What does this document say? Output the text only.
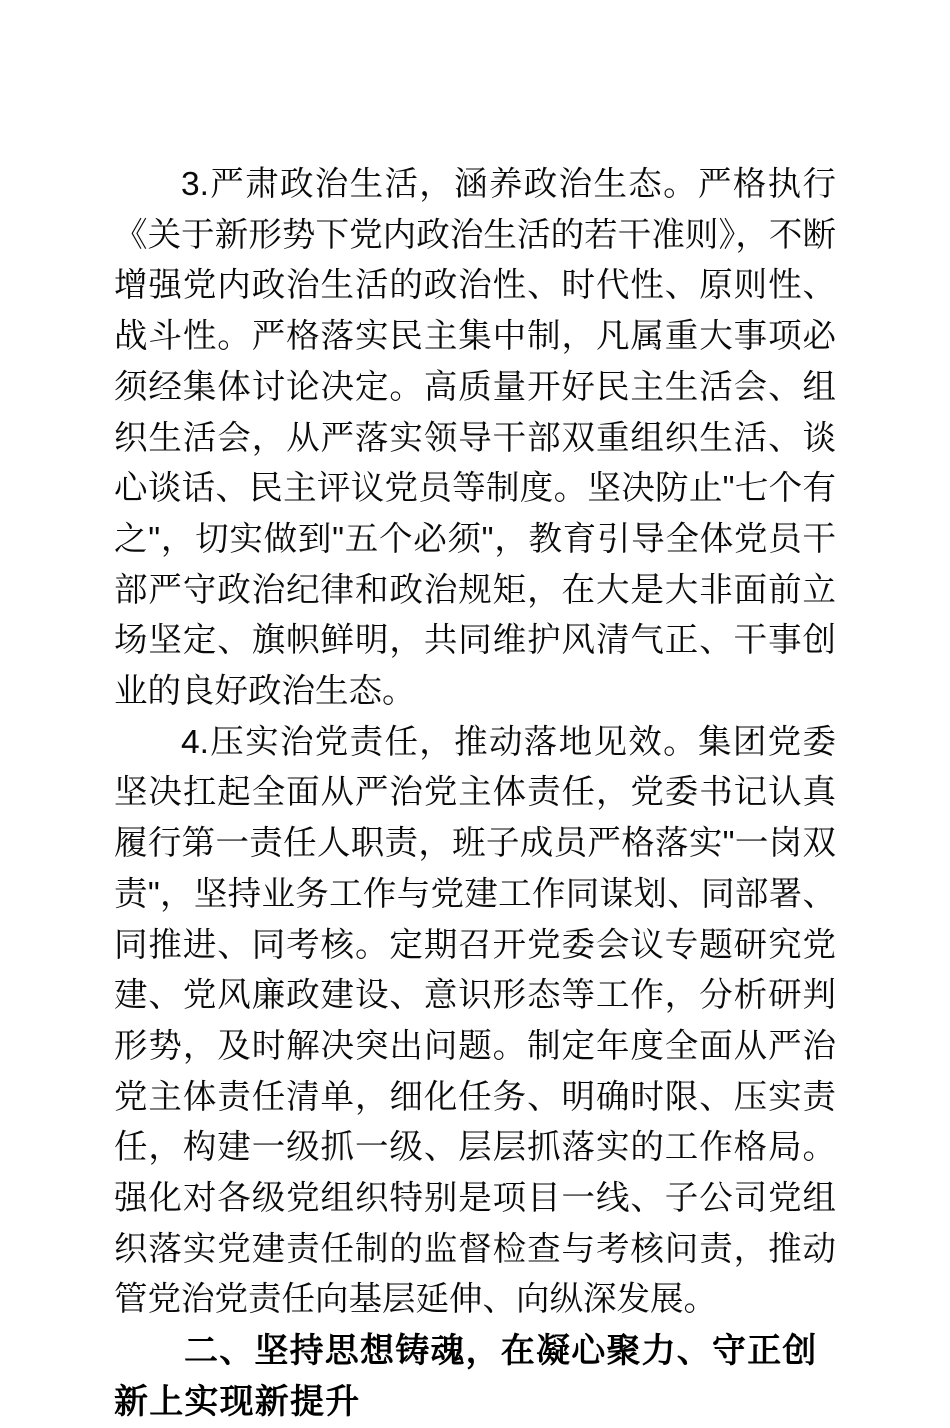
3.严肃政治生活，涵养政治生态。严格执行《关于新形势下党内政治生活的若干准则》，不断增强党内政治生活的政治性、时代性、原则性、战斗性。严格落实民主集中制，凡属重大事项必须经集体讨论决定。高质量开好民主生活会、组织生活会，从严落实领导干部双重组织生活、谈心谈话、民主评议党员等制度。坚决防止"七个有之"，切实做到"五个必须"，教育引导全体党员干部严守政治纪律和政治规矩，在大是大非面前立场坚定、旗帜鲜明，共同维护风清气正、干事创业的良好政治生态。

4.压实治党责任，推动落地见效。集团党委坚决扛起全面从严治党主体责任，党委书记认真履行第一责任人职责，班子成员严格落实"一岗双责"，坚持业务工作与党建工作同谋划、同部署、同推进、同考核。定期召开党委会议专题研究党建、党风廉政建设、意识形态等工作，分析研判形势，及时解决突出问题。制定年度全面从严治党主体责任清单，细化任务、明确时限、压实责任，构建一级抓一级、层层抓落实的工作格局。强化对各级党组织特别是项目一线、子公司党组织落实党建责任制的监督检查与考核问责，推动管党治党责任向基层延伸、向纵深发展。

二、坚持思想铸魂，在凝心聚力、守正创新上实现新提升
